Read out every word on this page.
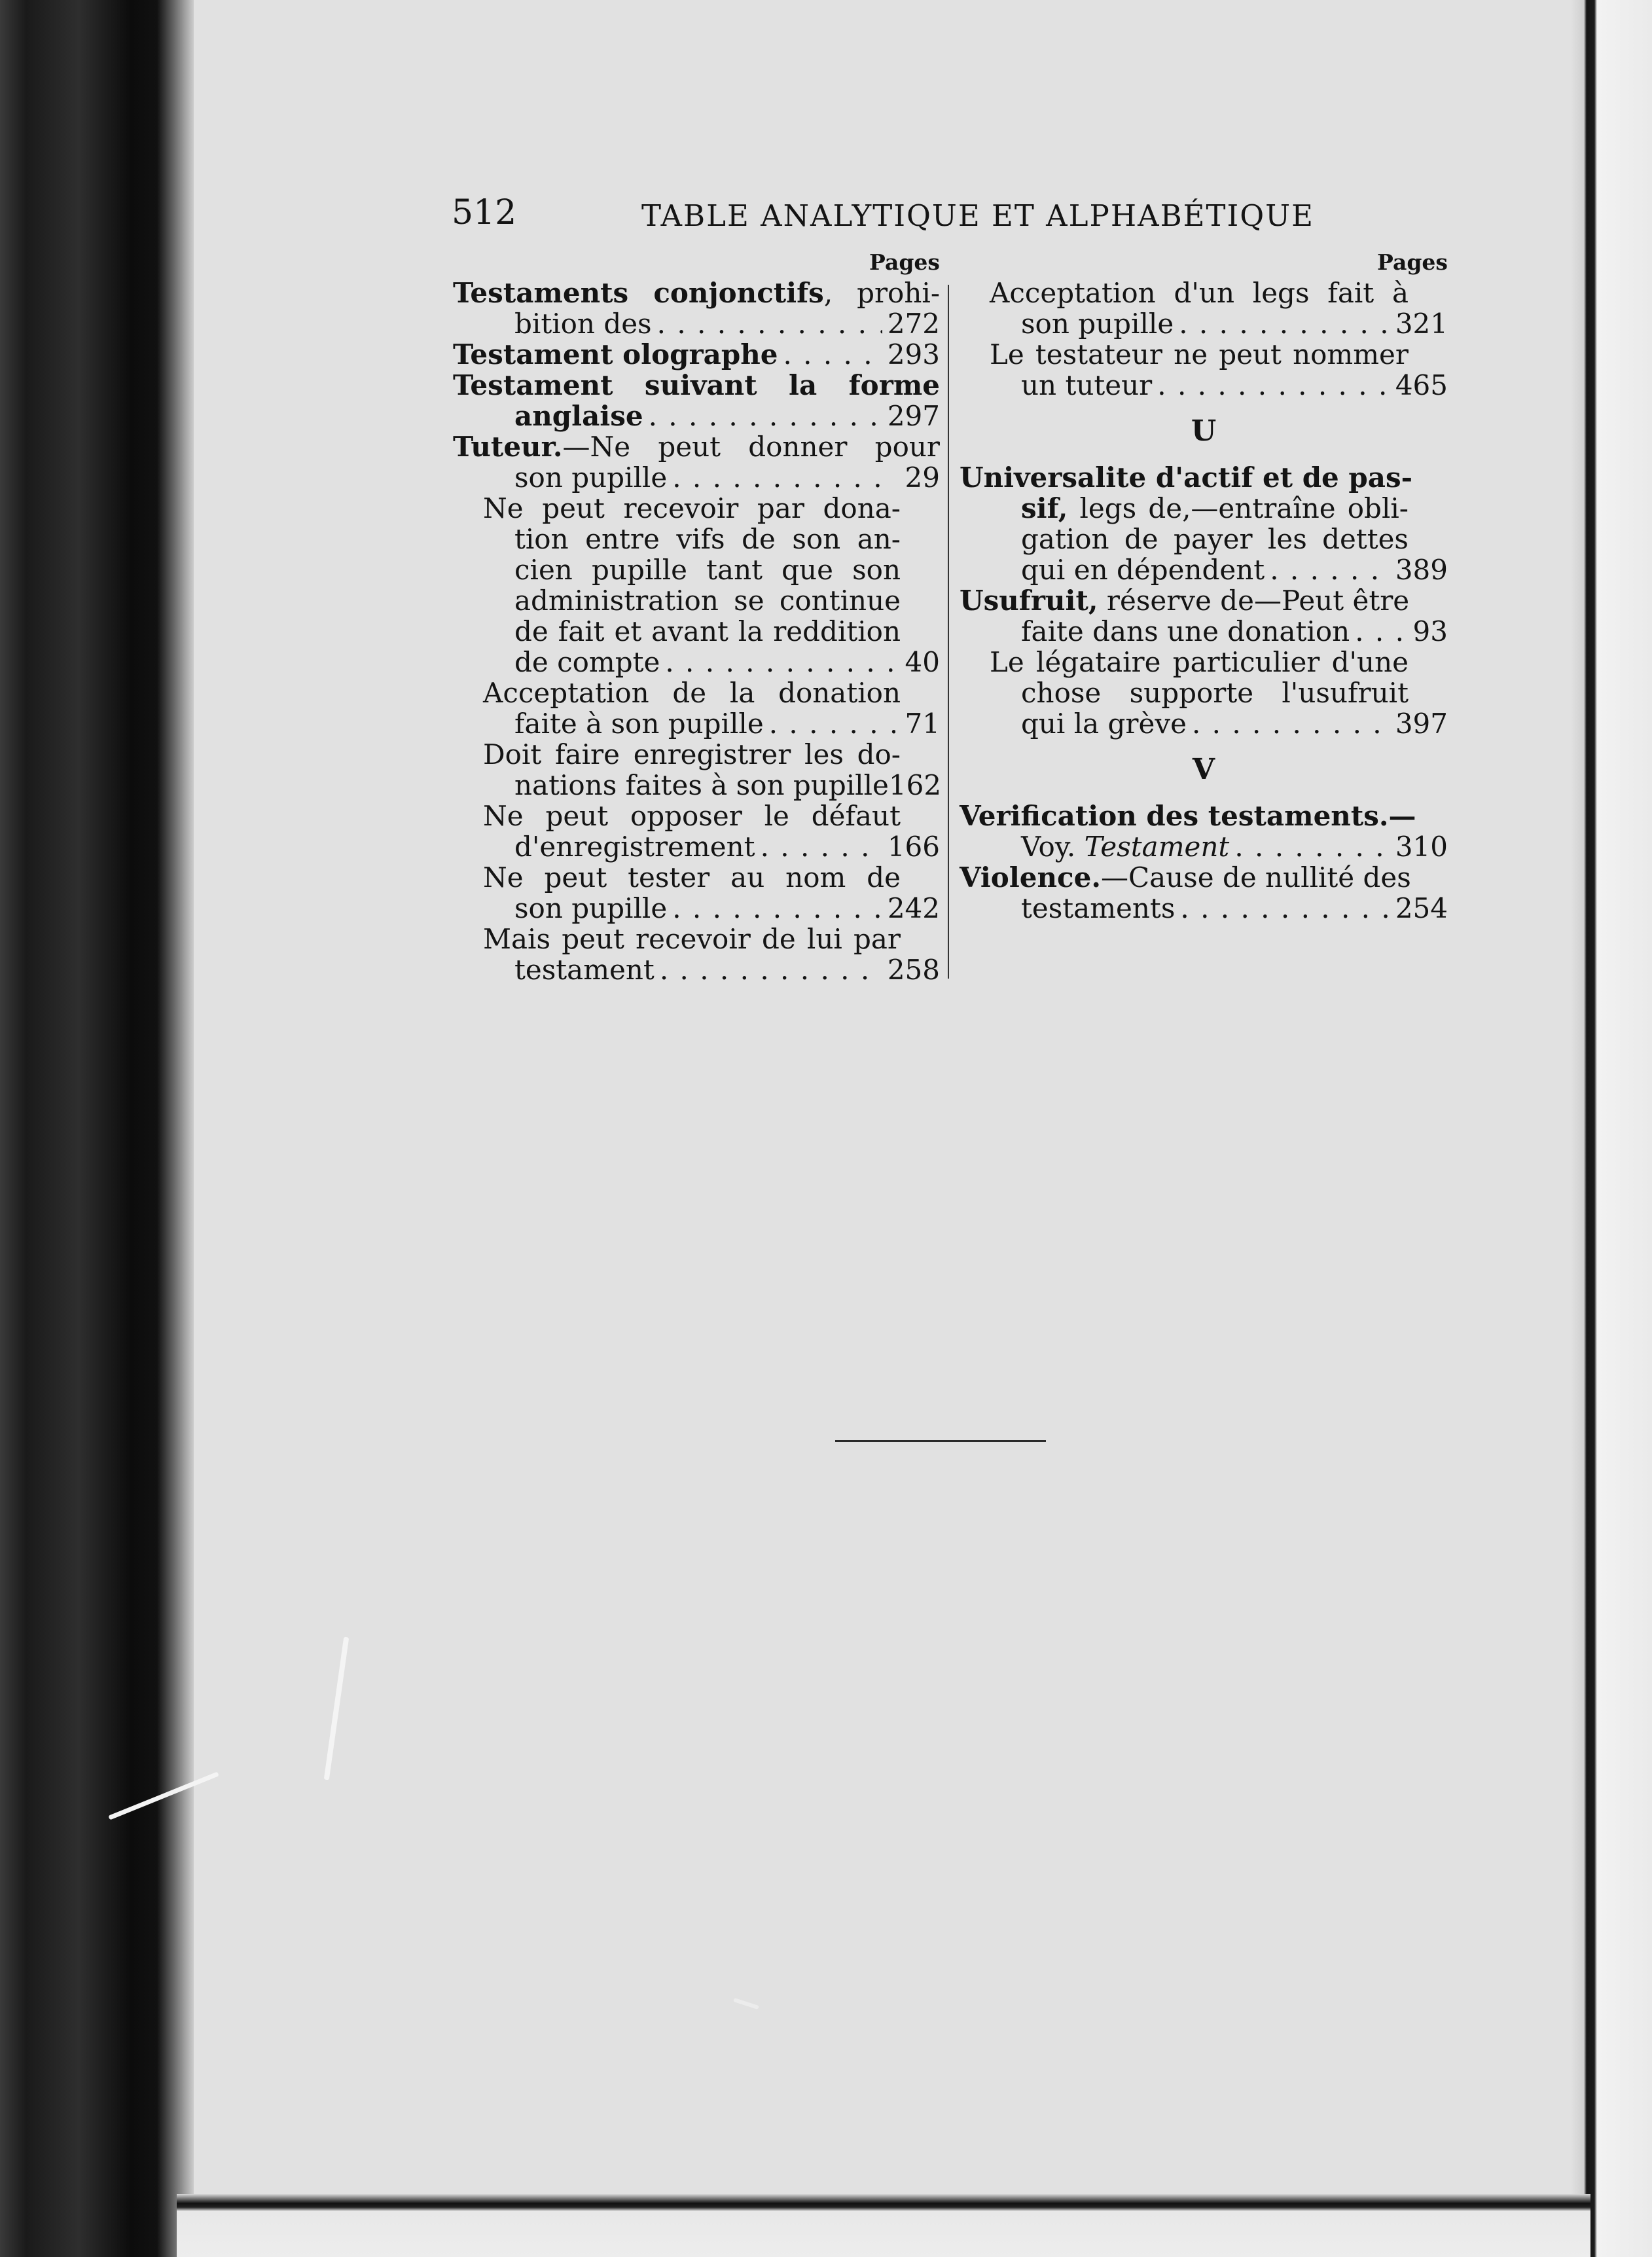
512	TABLE ANALYTIQUE ET ALPHABÉTIQUE
Pages
Testaments conjonctifs, prohi-
bition des . . .	272
Testament olographe . . .	293
Testament suivant la forme
anglaise . . .	297
Tuteur.—Ne peut donner pour
son pupille . . .	29
Ne peut recevoir par dona-
tion entre vifs de son an-
cien pupille tant que son
administration se continue
de fait et avant la reddition
de compte . . .	40
Acceptation de la donation
faite à son pupille . . .	71
Doit faire enregistrer les do-
nations faites à son pupille 162
Ne peut opposer le défaut
d'enregistrement . . .	166
Ne peut tester au nom de
son pupille . . .	242
Mais peut recevoir de lui par
testament . . .	258
Pages
Acceptation d'un legs fait à
son pupille . . .	321
Le testateur ne peut nommer
un tuteur . . .	465
U
Universalite d'actif et de pas-
sif, legs de,—entraîne obli-
gation de payer les dettes
qui en dépendent . . .	389
Usufruit, réserve de—Peut être
faite dans une donation . . . 93
Le légataire particulier d'une
chose supporte l'usufruit
qui la grève . . .	397
V
Verification des testaments.—
Voy. Testament . . .	310
Violence.—Cause de nullité des
testaments . . .	254
